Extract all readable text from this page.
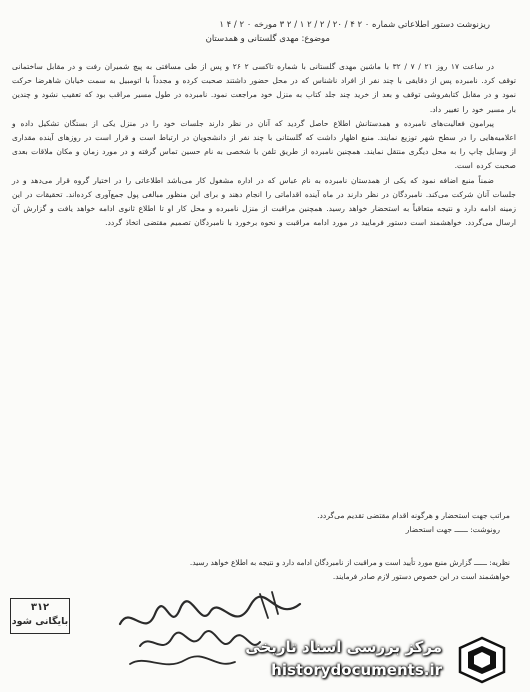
ریزنوشت دستور اطلاعاتی شماره ۰ ۲ ۴ / ۲۰ / ۲ / ۲ ۱ / ۲ ۳ مورخه ۰ ۲ / ۴ ۱
موضوع: مهدی گلستانی و همدستان

در ساعت ۱۷ روز ۲۱ / ۷ / ۳۲ با ماشین مهدی گلستانی با شماره تاکسی ۲ ۲۶ و پس از طی مسافتی به پیچ شمیران رفت و در مقابل ساختمانی توقف کرد. نامبرده پس از دقایقی با چند نفر از افراد ناشناس که در محل حضور داشتند صحبت کرده و مجدداً با اتومبیل به سمت خیابان شاهرضا حرکت نمود و در مقابل کتابفروشی توقف و بعد از خرید چند جلد کتاب به منزل خود مراجعت نمود. نامبرده در طول مسیر مراقب بود که تعقیب نشود و چندین بار مسیر خود را تغییر داد.

پیرامون فعالیت‌های نامبرده و همدستانش اطلاع حاصل گردید که آنان در نظر دارند جلسات خود را در منزل یکی از بستگان تشکیل داده و اعلامیه‌هایی را در سطح شهر توزیع نمایند. منبع اظهار داشت که گلستانی با چند نفر از دانشجویان در ارتباط است و قرار است در روزهای آینده مقداری از وسایل چاپ را به محل دیگری منتقل نمایند. همچنین نامبرده از طریق تلفن با شخصی به نام حسین تماس گرفته و در مورد زمان و مکان ملاقات بعدی صحبت کرده است.

ضمناً منبع اضافه نمود که یکی از همدستان نامبرده به نام عباس که در اداره مشغول کار می‌باشد اطلاعاتی را در اختیار گروه قرار می‌دهد و در جلسات آنان شرکت می‌کند. نامبردگان در نظر دارند در ماه آینده اقداماتی را انجام دهند و برای این منظور مبالغی پول جمع‌آوری کرده‌اند. تحقیقات در این زمینه ادامه دارد و نتیجه متعاقباً به استحضار خواهد رسید. همچنین مراقبت از منزل نامبرده و محل کار او تا اطلاع ثانوی ادامه خواهد یافت و گزارش آن ارسال می‌گردد. خواهشمند است دستور فرمایید در مورد ادامه مراقبت و نحوه برخورد با نامبردگان تصمیم مقتضی اتخاذ گردد.

مراتب جهت استحضار و هرگونه اقدام مقتضی تقدیم می‌گردد.
رونوشت: ــــــ جهت استحضار
نظریه: ــــــ گزارش منبع مورد تأیید است و مراقبت از نامبردگان ادامه دارد و نتیجه به اطلاع خواهد رسید.
خواهشمند است در این خصوص دستور لازم صادر فرمایند.
۳۱۲
بایگانی شود
مرکز بررسی اسناد تاریخی
historydocuments.ir
